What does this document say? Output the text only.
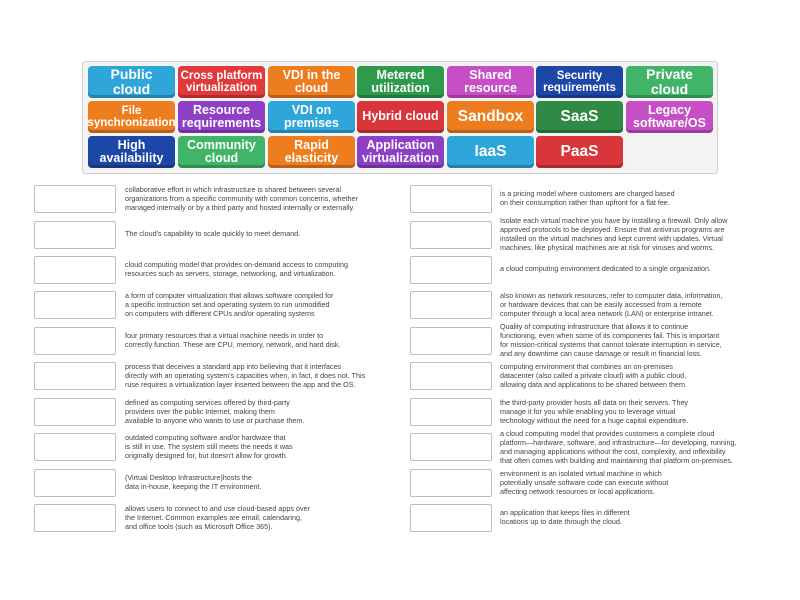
Public cloud
Cross platform virtualization
VDI in the cloud
Metered utilization
Shared resource
Security requirements
Private cloud
File synchronization
Resource requirements
VDI on premises	Hybrid cloud Sandbox SaaS	Legacy software/OS
High availability
Community cloud
Rapid elasticity
Application virtualization IaaS	PaaS
collaborative effort in which infrastructure is shared between several
organizations from a specific community with common concerns, whether
managed internally or by a third party and hosted internally or externally.
The cloud's capability to scale quickly to meet demand.
cloud computing model that provides on-demand access to computing
resources such as servers, storage, networking, and virtualization.
a form of computer virtualization that allows software compiled for
a specific instruction set and operating system to run unmodified
on computers with different CPUs and/or operating systems
four primary resources that a virtual machine needs in order to
correctly function. These are CPU, memory, network, and hard disk.
process that deceives a standard app into believing that it interfaces
directly with an operating system's capacities when, in fact, it does not. This
ruse requires a virtualization layer inserted between the app and the OS.
defined as computing services offered by third-party
providers over the public Internet, making them
available to anyone who wants to use or purchase them.
outdated computing software and/or hardware that
is still in use. The system still meets the needs it was
originally designed for, but doesn't allow for growth.
(Virtual Desktop Infrastructure)hosts the
data in-house, keeping the IT environment.
allows users to connect to and use cloud-based apps over
the Internet. Common examples are email, calendaring,
and office tools (such as Microsoft Office 365).
is a pricing model where customers are charged based
on their consumption rather than upfront for a flat fee.
Isolate each virtual machine you have by installing a firewall. Only allow
approved protocols to be deployed. Ensure that antivirus programs are
installed on the virtual machines and kept current with updates. Virtual
machines, like physical machines are at risk for viruses and worms.
a cloud computing environment dedicated to a single organization.
also known as network resources, refer to computer data, information,
or hardware devices that can be easily accessed from a remote
computer through a local area network (LAN) or enterprise intranet.
Quality of computing infrastructure that allows it to continue
functioning, even when some of its components fail. This is important
for mission-critical systems that cannot tolerate interruption in service,
and any downtime can cause damage or result in financial loss.
computing environment that combines an on-premises
datacenter (also called a private cloud) with a public cloud,
allowing data and applications to be shared between them.
the third-party provider hosts all data on their servers. They
manage it for you while enabling you to leverage virtual
technology without the need for a huge capital expenditure.
a cloud computing model that provides customers a complete cloud
platform—hardware, software, and infrastructure—for developing, running,
and managing applications without the cost, complexity, and inflexibility
that often comes with building and maintaining that platform on-premises.
environment is an isolated virtual machine in which
potentially unsafe software code can execute without
affecting network resources or local applications.
an application that keeps files in different
locations up to date through the cloud.
